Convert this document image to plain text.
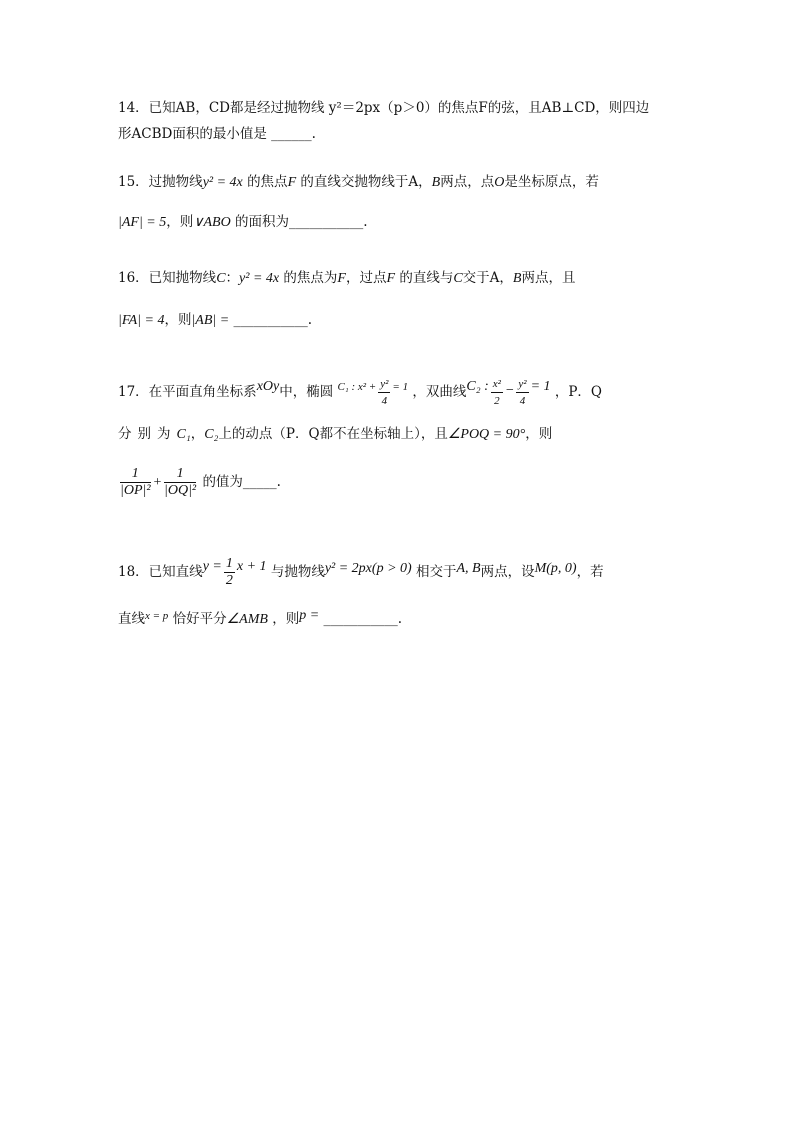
14．已知AB，CD都是经过抛物线 y²＝2px（p＞0）的焦点F的弦，且AB⊥CD，则四边
形ACBD面积的最小值是 ______.
15．过抛物线y² = 4x 的焦点F 的直线交抛物线于A，B两点，点O是坐标原点，若
|AF| = 5，则∨ABO 的面积为___________.
16．已知抛物线C：y² = 4x 的焦点为F，过点F 的直线与C交于A，B两点，且
|FA| = 4，则|AB| = ___________.
17．在平面直角坐标系xOy中，椭圆 $^{C_1 : x^2 +} \frac{\text{y²}}{4} ^{= 1}$ ，双曲线C₂ : $\frac{\text{x²}}{2} - \frac{\text{y²}}{4} = 1$ ，P．Q
分别为C₁，C₂上的动点（P．Q都不在坐标轴上），且∠POQ = 90°，则
$\frac{1}{\text{|OP|²}} + \frac{1}{\text{|OQ|²}}$ 的值为_____.
18．已知直线$y = \frac{1}{2}$ x + 1 与抛物线y² = 2px(p > 0) 相交于A, B两点，设M(p, 0)，若
直线$^{x = p}$ 恰好平分∠AMB ，则p = ___________.
